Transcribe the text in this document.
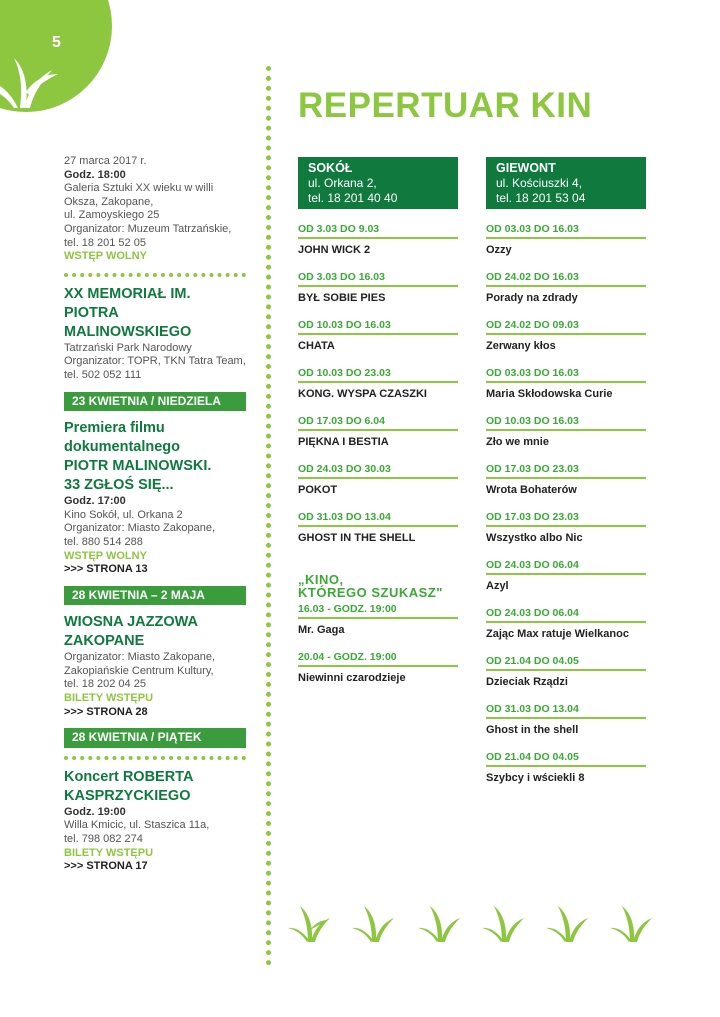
5

27 marca 2017 r.

Godz. 18:00

Galeria Sztuki XX wieku w willi

Oksza, Zakopane,

ul. Zamoyskiego 25

Organizator: Muzeum Tatrzańskie,

tel. 18 201 52 05

WSTĘP WOLNY

XX MEMORIAŁ IM.

PIOTRA MALINOWSKIEGO

Tatrzański Park Narodowy

Organizator: TOPR, TKN Tatra Team,

tel. 502 052 111

23 KWIETNIA / NIEDZIELA

Premiera filmu

dokumentalnego

PIOTR MALINOWSKI.

33 ZGŁOŚ SIĘ...

Godz. 17:00

Kino Sokół, ul. Orkana 2

Organizator: Miasto Zakopane,

tel. 880 514 288

WSTĘP WOLNY

>>> STRONA 13

28 KWIETNIA – 2 MAJA

WIOSNA JAZZOWA

ZAKOPANE

Organizator: Miasto Zakopane,

Zakopiańskie Centrum Kultury,

tel. 18 202 04 25

BILETY WSTĘPU

>>> STRONA 28

28 KWIETNIA / PIĄTEK

Koncert ROBERTA

KASPRZYCKIEGO

Godz. 19:00

Willa Kmicic, ul. Staszica 11a,

tel. 798 082 274

BILETY WSTĘPU

>>> STRONA 17

REPERTUAR KIN
SOKÓŁ
ul. Orkana 2,
tel. 18 201 40 40
OD 3.03 DO 9.03
JOHN WICK 2
OD 3.03 DO 16.03
BYŁ SOBIE PIES
OD 10.03 DO 16.03
CHATA
OD 10.03 DO 23.03
KONG. WYSPA CZASZKI
OD 17.03 DO 6.04
PIĘKNA I BESTIA
OD 24.03 DO 30.03
POKOT
OD 31.03 DO 13.04
GHOST IN THE SHELL
„KINO,
KTÓREGO SZUKASZ"
16.03 - GODZ. 19:00
Mr. Gaga
20.04 - GODZ. 19:00
Niewinni czarodzieje
GIEWONT
ul. Kościuszki 4,
tel. 18 201 53 04
OD 03.03 DO 16.03
Ozzy
OD 24.02 DO 16.03
Porady na zdrady
OD 24.02 DO 09.03
Zerwany kłos
OD 03.03 DO 16.03
Maria Skłodowska Curie
OD 10.03 DO 16.03
Zło we mnie
OD 17.03 DO 23.03
Wrota Bohaterów
OD 17.03 DO 23.03
Wszystko albo Nic
OD 24.03 DO 06.04
Azyl
OD 24.03 DO 06.04
Zając Max ratuje Wielkanoc
OD 21.04 DO 04.05
Dzieciak Rządzi
OD 31.03 DO 13.04
Ghost in the shell
OD 21.04 DO 04.05
Szybcy i wściekli 8
